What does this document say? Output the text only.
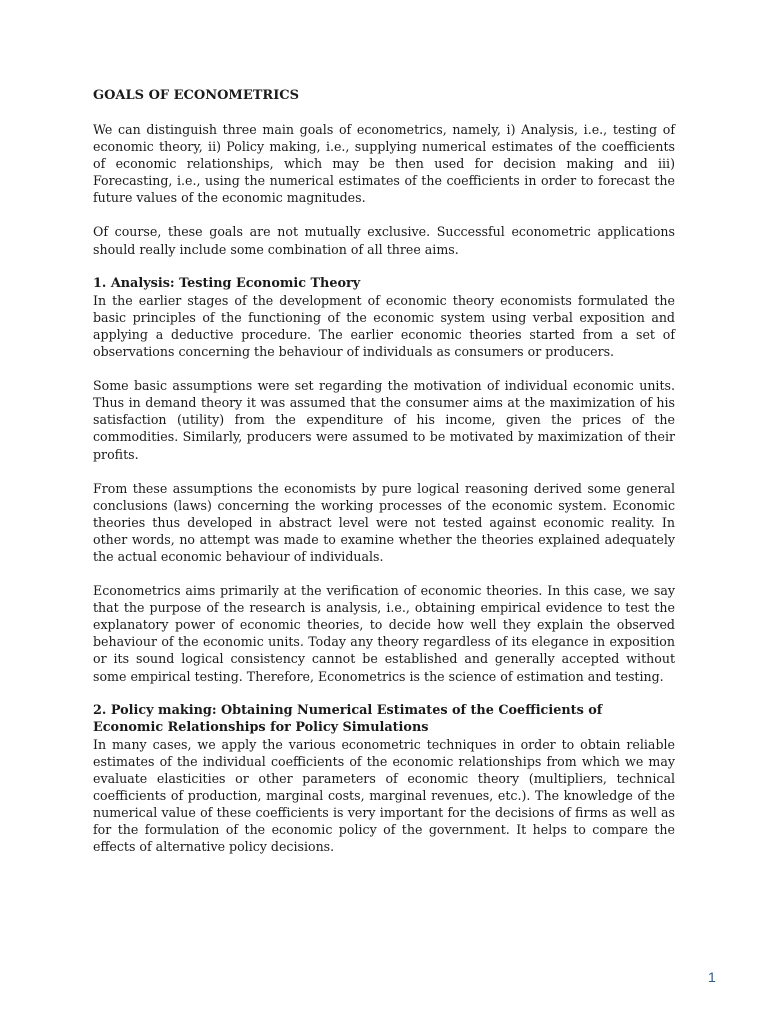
GOALS OF ECONOMETRICS

We can distinguish three main goals of econometrics, namely, i) Analysis, i.e., testing of economic theory, ii) Policy making, i.e., supplying numerical estimates of the coefficients of economic relationships, which may be then used for decision making and iii) Forecasting, i.e., using the numerical estimates of the coefficients in order to forecast the future values of the economic magnitudes.

Of course, these goals are not mutually exclusive. Successful econometric applications should really include some combination of all three aims.

1. Analysis: Testing Economic Theory

In the earlier stages of the development of economic theory economists formulated the basic principles of the functioning of the economic system using verbal exposition and applying a deductive procedure. The earlier economic theories started from a set of observations concerning the behaviour of individuals as consumers or producers.

Some basic assumptions were set regarding the motivation of individual economic units. Thus in demand theory it was assumed that the consumer aims at the maximization of his satisfaction (utility) from the expenditure of his income, given the prices of the commodities. Similarly, producers were assumed to be motivated by maximization of their profits.

From these assumptions the economists by pure logical reasoning derived some general conclusions (laws) concerning the working processes of the economic system. Economic theories thus developed in abstract level were not tested against economic reality. In other words, no attempt was made to examine whether the theories explained adequately the actual economic behaviour of individuals.

Econometrics aims primarily at the verification of economic theories. In this case, we say that the purpose of the research is analysis, i.e., obtaining empirical evidence to test the explanatory power of economic theories, to decide how well they explain the observed behaviour of the economic units. Today any theory regardless of its elegance in exposition or its sound logical consistency cannot be established and generally accepted without some empirical testing. Therefore, Econometrics is the science of estimation and testing.

2. Policy making: Obtaining Numerical Estimates of the Coefficients of Economic Relationships for Policy Simulations

In many cases, we apply the various econometric techniques in order to obtain reliable estimates of the individual coefficients of the economic relationships from which we may evaluate elasticities or other parameters of economic theory (multipliers, technical coefficients of production, marginal costs, marginal revenues, etc.). The knowledge of the numerical value of these coefficients is very important for the decisions of firms as well as for the formulation of the economic policy of the government. It helps to compare the effects of alternative policy decisions.

1
